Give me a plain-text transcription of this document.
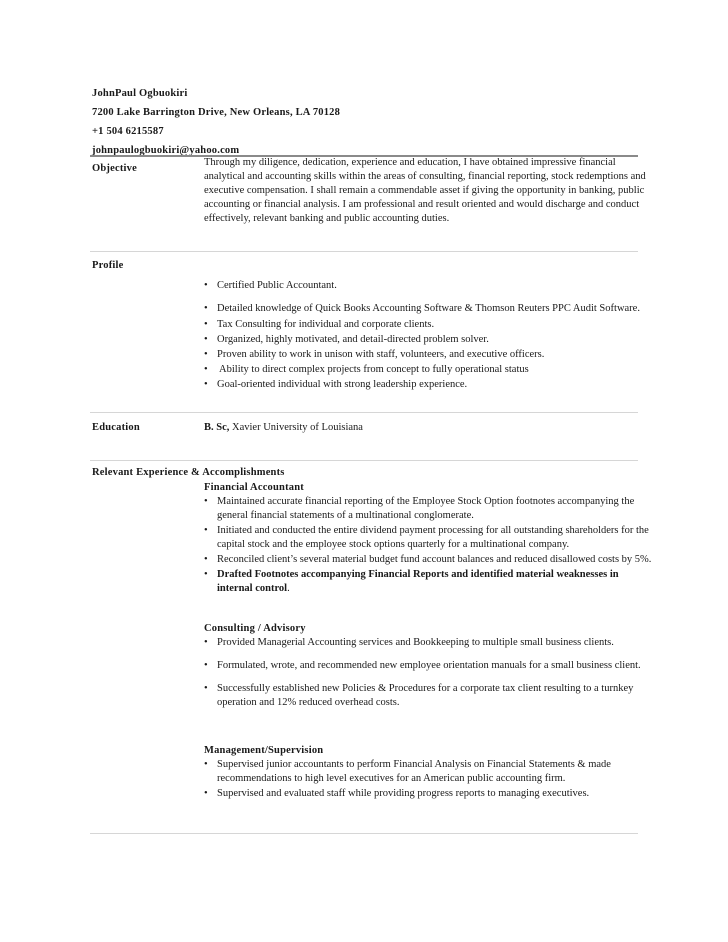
JohnPaul Ogbuokiri
7200 Lake Barrington Drive, New Orleans, LA 70128
+1 504 6215587
johnpaulogbuokiri@yahoo.com
Objective
Through my diligence, dedication, experience and education, I have obtained impressive financial analytical and accounting skills within the areas of consulting, financial reporting, stock redemptions and executive compensation. I shall remain a commendable asset if giving the opportunity in banking, public accounting or financial analysis. I am professional and result oriented and would discharge and conduct effectively, relevant banking and public accounting duties.
Profile
• Certified Public Accountant.
• Detailed knowledge of Quick Books Accounting Software & Thomson Reuters PPC Audit Software.
• Tax Consulting for individual and corporate clients.
• Organized, highly motivated, and detail-directed problem solver.
• Proven ability to work in unison with staff, volunteers, and executive officers.
•  Ability to direct complex projects from concept to fully operational status
• Goal-oriented individual with strong leadership experience.
Education	B. Sc, Xavier University of Louisiana
Relevant Experience & Accomplishments
Financial Accountant
• Maintained accurate financial reporting of the Employee Stock Option footnotes accompanying the general financial statements of a multinational conglomerate.
• Initiated and conducted the entire dividend payment processing for all outstanding shareholders for the capital stock and the employee stock options quarterly for a multinational company.
• Reconciled client’s several material budget fund account balances and reduced disallowed costs by 5%.
• Drafted Footnotes accompanying Financial Reports and identified material weaknesses in internal control.
Consulting / Advisory
• Provided Managerial Accounting services and Bookkeeping to multiple small business clients.
• Formulated, wrote, and recommended new employee orientation manuals for a small business client.
• Successfully established new Policies & Procedures for a corporate tax client resulting to a turnkey operation and 12% reduced overhead costs.
Management/Supervision
• Supervised junior accountants to perform Financial Analysis on Financial Statements & made recommendations to high level executives for an American public accounting firm.
• Supervised and evaluated staff while providing progress reports to managing executives.
